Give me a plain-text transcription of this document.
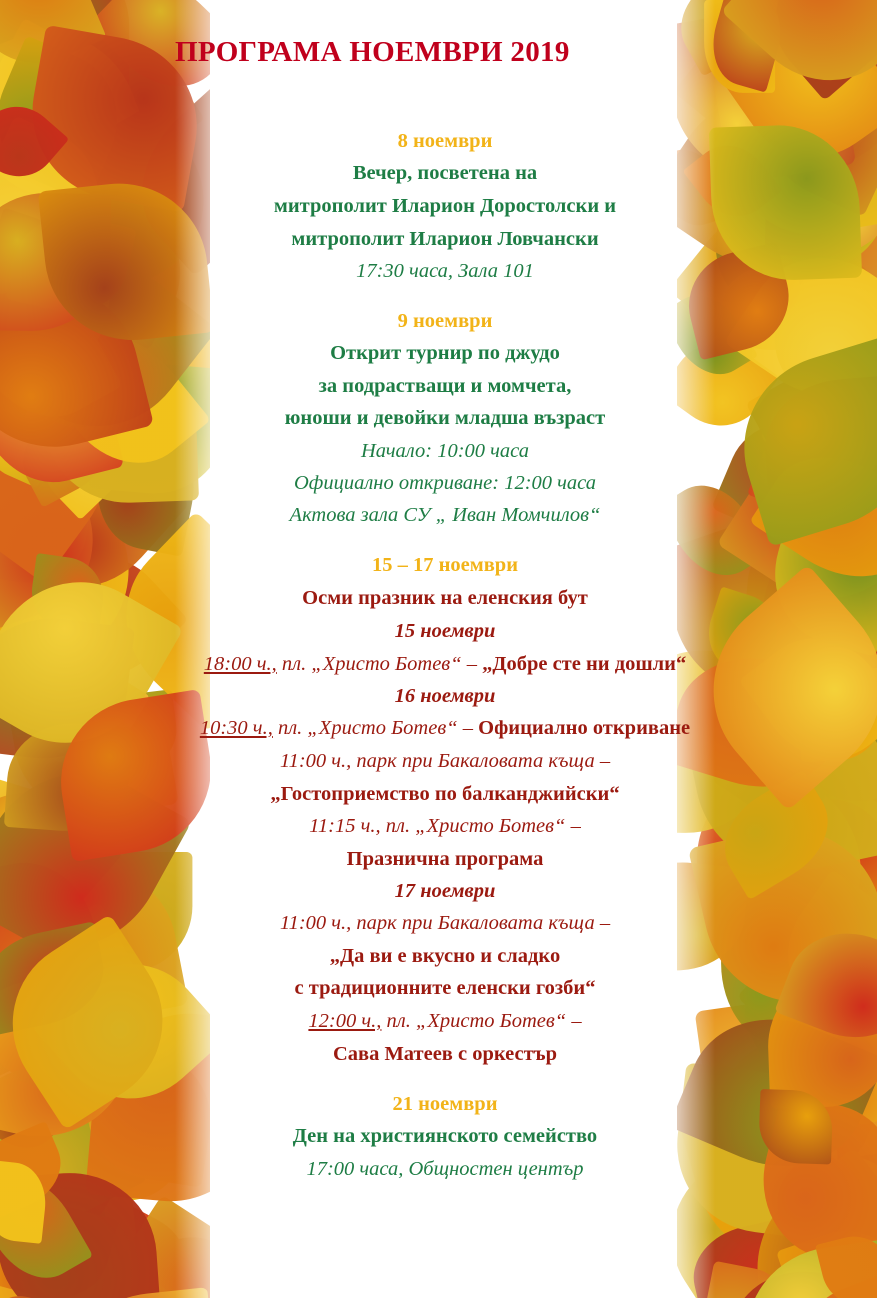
ПРОГРАМА НОЕМВРИ 2019
8 ноември
Вечер, посветена на
митрополит Иларион Доростолски и
митрополит Иларион Ловчански
17:30 часа, Зала 101
9 ноември
Открит турнир по джудо
за подрастващи и момчета,
юноши и девойки младша възраст
Начало: 10:00 часа
Официално откриване: 12:00 часа
Актова зала СУ „ Иван Момчилов“
15 – 17 ноември
Осми празник на еленския бут
15 ноември
18:00 ч., пл. „Христо Ботев“ – „Добре сте ни дошли“
16 ноември
10:30 ч., пл. „Христо Ботев“ – Официално откриване
11:00 ч., парк при Бакаловата къща –
„Гостоприемство по балканджийски“
11:15 ч., пл. „Христо Ботев“ –
Празнична програма
17 ноември
11:00 ч., парк при Бакаловата къща –
„Да ви е вкусно и сладко
с традиционните еленски гозби“
12:00 ч., пл. „Христо Ботев“ –
Сава Матеев с оркестър
21 ноември
Ден на християнското семейство
17:00 часа, Общностен център
